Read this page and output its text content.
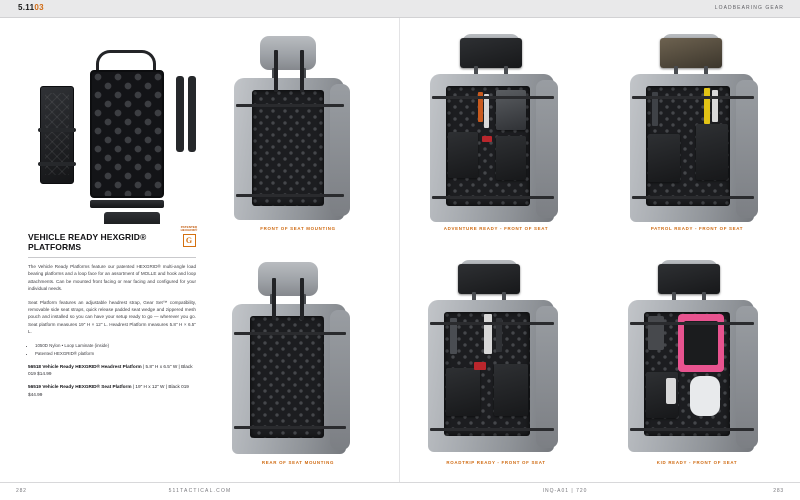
5.1103	LOADBEARING GEAR
VEHICLE READY HEXGRID® PLATFORMS

The Vehicle Ready Platforms feature our patented HEXGRID® multi-angle load bearing platforms and a loop face for an assortment of MOLLE and hook and loop attachments. Can be mounted front facing or rear facing and configured for your individual needs.

Seat Platform features an adjustable headrest strap, Gear Set™ compatibility, removable side seat straps, quick release padded seat wedge and zippered mesh pouch and installed so you can have your setup ready to go — wherever you go. Seat platform measures 19" H × 12" L. Headrest Platform measures 5.8" H × 6.5" L.

• 1050D Nylon • Loop Laminate (inside)
• Patented HEXGRID® platform
56518 Vehicle Ready HEXGRID® Headrest Platform | 5.8" H x 6.5" W | Black 019 $14.99
56519 Vehicle Ready HEXGRID® Seat Platform | 19" H x 12" W | Black 019 $44.99
PATENTED HEXGRID®
G
FRONT OF SEAT MOUNTING	ADVENTURE READY - FRONT OF SEAT	PATROL READY - FRONT OF SEAT
REAR OF SEAT MOUNTING	ROADTRIP READY - FRONT OF SEAT	KID READY - FRONT OF SEAT
282	511TACTICAL.COM	INQ-A01 | 720	283
